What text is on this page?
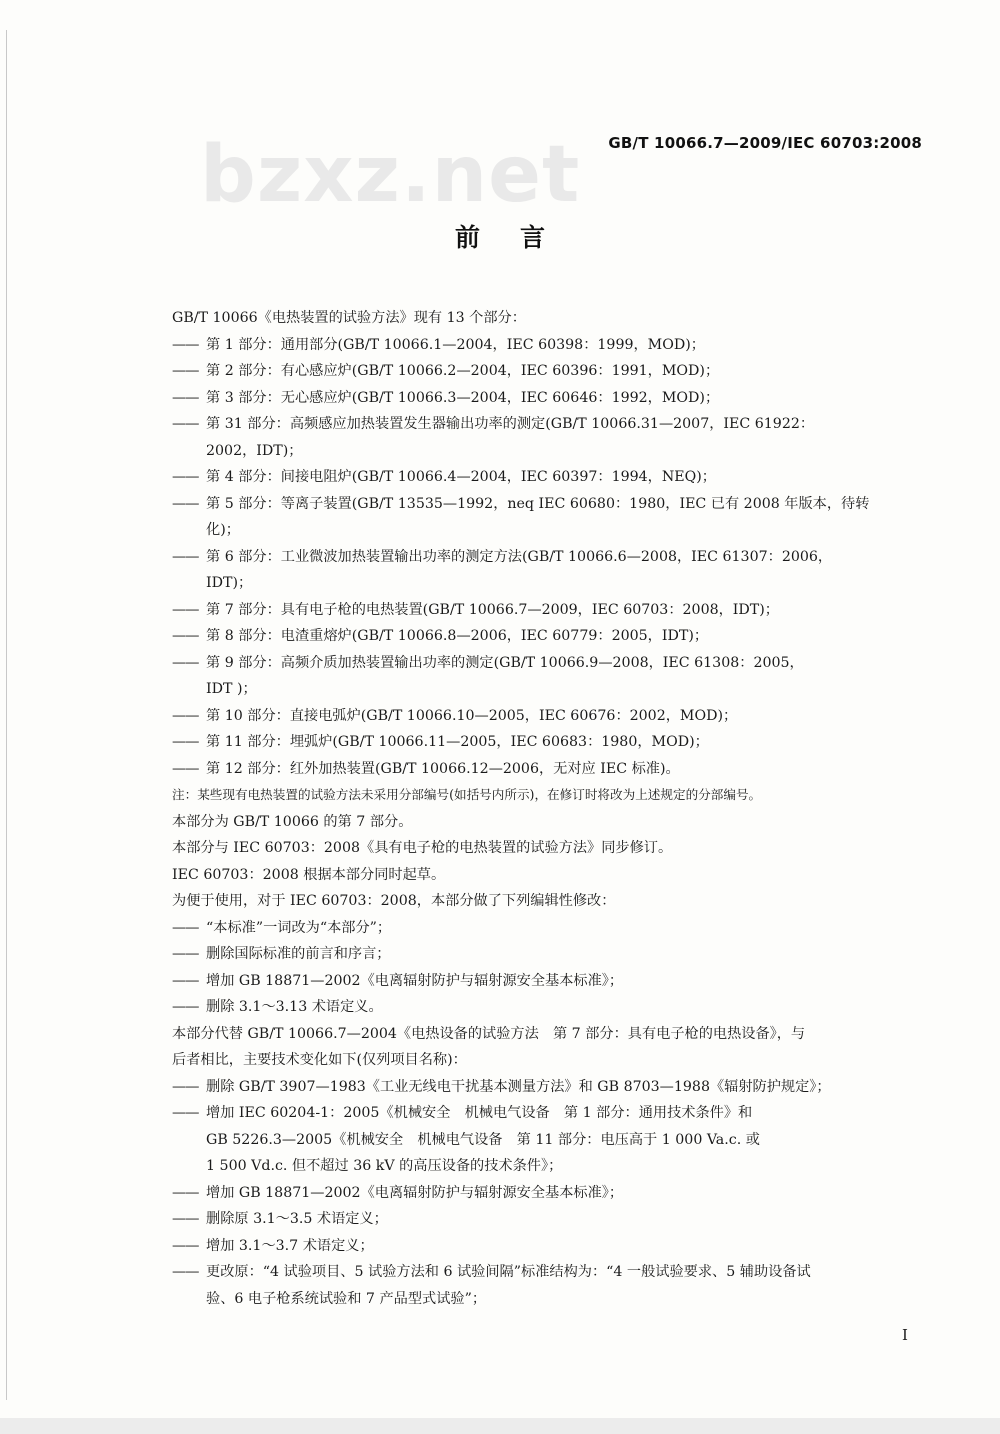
bzxz.net GB/T 10066.7—2009/IEC 60703:2008
前言
GB/T 10066《电热装置的试验方法》现有 13 个部分：
—— 第 1 部分：通用部分(GB/T 10066.1—2004，IEC 60398：1999，MOD)；
—— 第 2 部分：有心感应炉(GB/T 10066.2—2004，IEC 60396：1991，MOD)；
—— 第 3 部分：无心感应炉(GB/T 10066.3—2004，IEC 60646：1992，MOD)；
—— 第 31 部分：高频感应加热装置发生器输出功率的测定(GB/T 10066.31—2007，IEC 61922：
2002，IDT)；
—— 第 4 部分：间接电阻炉(GB/T 10066.4—2004，IEC 60397：1994，NEQ)；
—— 第 5 部分：等离子装置(GB/T 13535—1992，neq IEC 60680：1980，IEC 已有 2008 年版本，待转
化)；
—— 第 6 部分：工业微波加热装置输出功率的测定方法(GB/T 10066.6—2008，IEC 61307：2006，
IDT)；
—— 第 7 部分：具有电子枪的电热装置(GB/T 10066.7—2009，IEC 60703：2008，IDT)；
—— 第 8 部分：电渣重熔炉(GB/T 10066.8—2006，IEC 60779：2005，IDT)；
—— 第 9 部分：高频介质加热装置输出功率的测定(GB/T 10066.9—2008，IEC 61308：2005，
IDT )；
—— 第 10 部分：直接电弧炉(GB/T 10066.10—2005，IEC 60676：2002，MOD)；
—— 第 11 部分：埋弧炉(GB/T 10066.11—2005，IEC 60683：1980，MOD)；
—— 第 12 部分：红外加热装置(GB/T 10066.12—2006，无对应 IEC 标准)。
注：某些现有电热装置的试验方法未采用分部编号(如括号内所示)，在修订时将改为上述规定的分部编号。
本部分为 GB/T 10066 的第 7 部分。
本部分与 IEC 60703：2008《具有电子枪的电热装置的试验方法》同步修订。
IEC 60703：2008 根据本部分同时起草。
为便于使用，对于 IEC 60703：2008，本部分做了下列编辑性修改：
—— “本标准”一词改为“本部分”；
—— 删除国际标准的前言和序言；
—— 增加 GB 18871—2002《电离辐射防护与辐射源安全基本标准》；
—— 删除 3.1～3.13 术语定义。
本部分代替 GB/T 10066.7—2004《电热设备的试验方法　第 7 部分：具有电子枪的电热设备》，与
后者相比，主要技术变化如下(仅列项目名称)：
—— 删除 GB/T 3907—1983《工业无线电干扰基本测量方法》和 GB 8703—1988《辐射防护规定》；
—— 增加 IEC 60204-1：2005《机械安全　机械电气设备　第 1 部分：通用技术条件》和
GB 5226.3—2005《机械安全　机械电气设备　第 11 部分：电压高于 1 000 Va.c. 或
1 500 Vd.c. 但不超过 36 kV 的高压设备的技术条件》；
—— 增加 GB 18871—2002《电离辐射防护与辐射源安全基本标准》；
—— 删除原 3.1～3.5 术语定义；
—— 增加 3.1～3.7 术语定义；
—— 更改原：“4 试验项目、5 试验方法和 6 试验间隔”标准结构为：“4 一般试验要求、5 辅助设备试
验、6 电子枪系统试验和 7 产品型式试验”；
I
